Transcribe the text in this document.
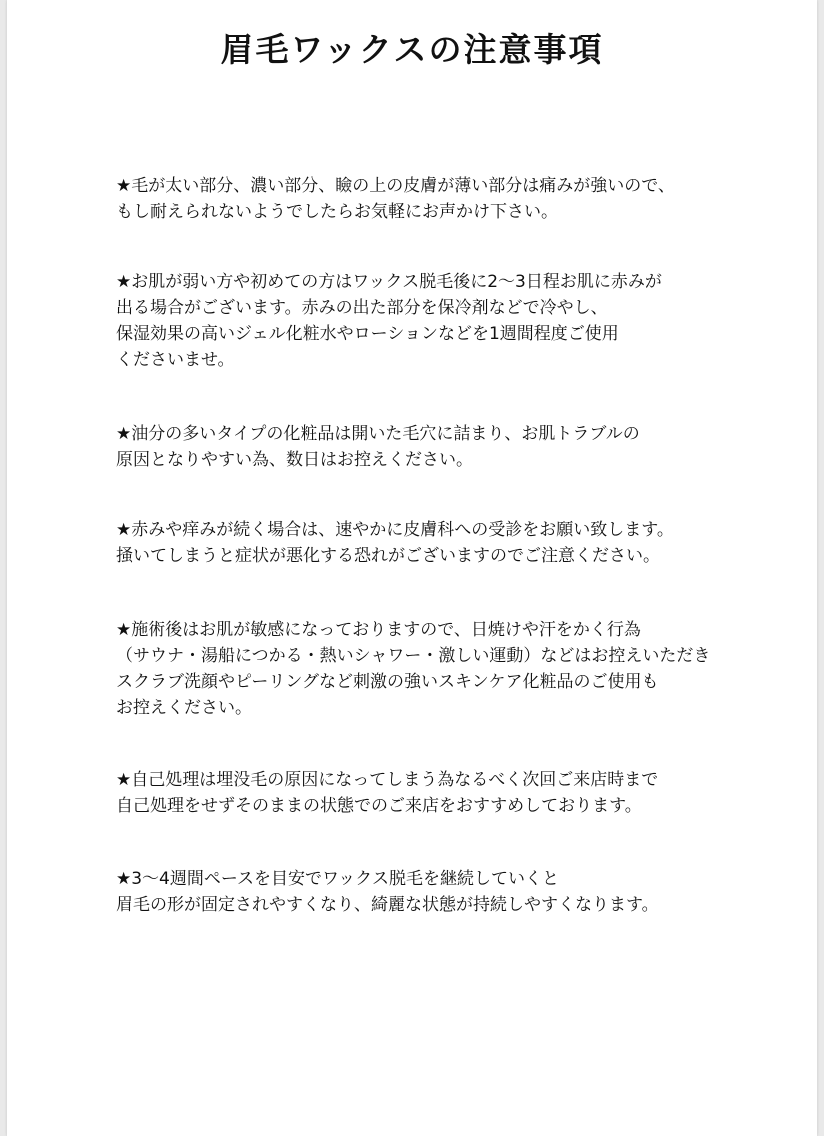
眉毛ワックスの注意事項
★毛が太い部分、濃い部分、瞼の上の皮膚が薄い部分は痛みが強いので、
もし耐えられないようでしたらお気軽にお声かけ下さい。
★お肌が弱い方や初めての方はワックス脱毛後に2～3日程お肌に赤みが
出る場合がございます。赤みの出た部分を保冷剤などで冷やし、
保湿効果の高いジェル化粧水やローションなどを1週間程度ご使用
くださいませ。
★油分の多いタイプの化粧品は開いた毛穴に詰まり、お肌トラブルの
原因となりやすい為、数日はお控えください。
★赤みや痒みが続く場合は、速やかに皮膚科への受診をお願い致します。
掻いてしまうと症状が悪化する恐れがございますのでご注意ください。
★施術後はお肌が敏感になっておりますので、日焼けや汗をかく行為
（サウナ・湯船につかる・熱いシャワー・激しい運動）などはお控えいただき
スクラブ洗顔やピーリングなど刺激の強いスキンケア化粧品のご使用も
お控えください。
★自己処理は埋没毛の原因になってしまう為なるべく次回ご来店時まで
自己処理をせずそのままの状態でのご来店をおすすめしております。
★3～4週間ペースを目安でワックス脱毛を継続していくと
眉毛の形が固定されやすくなり、綺麗な状態が持続しやすくなります。
